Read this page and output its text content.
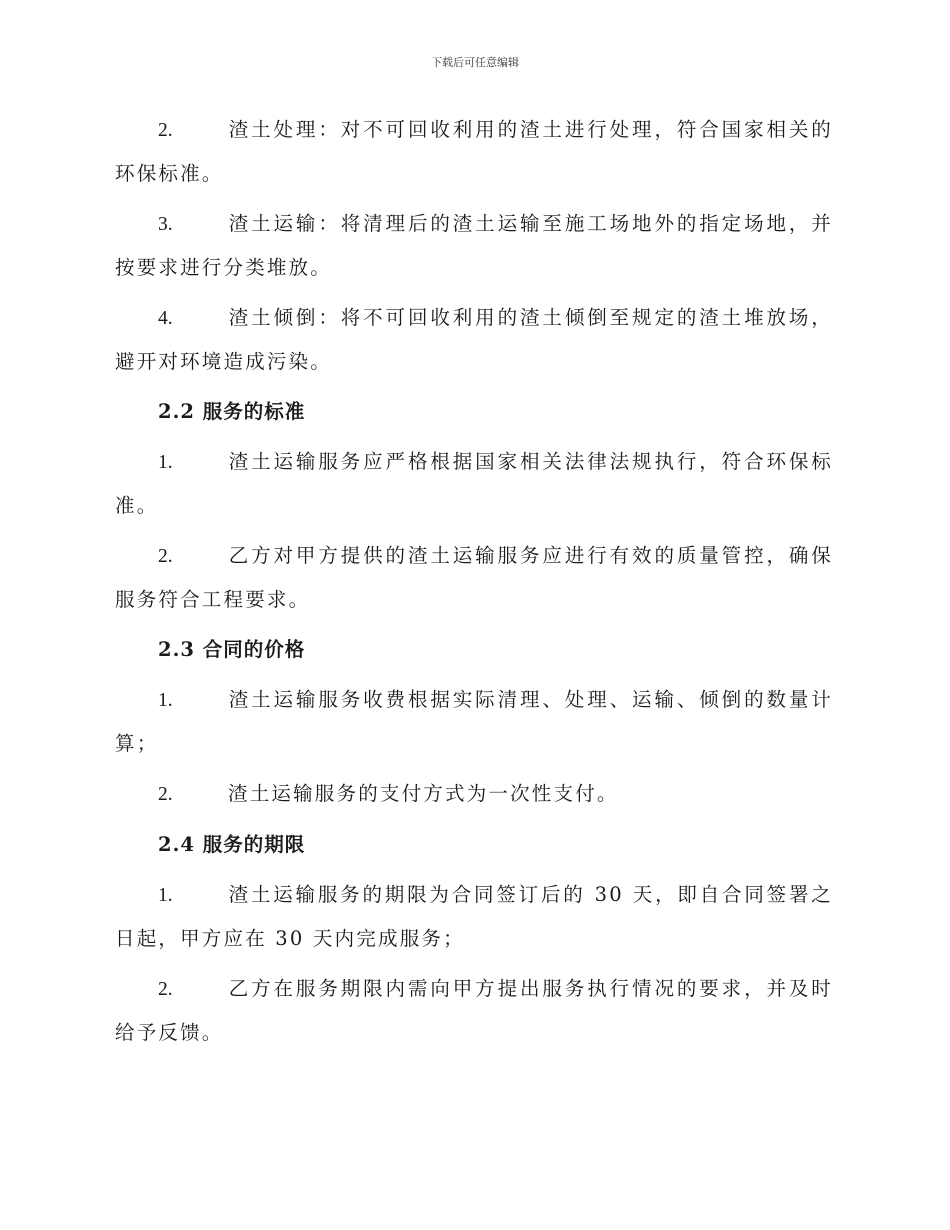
下载后可任意编辑

2.	渣土处理：对不可回收利用的渣土进行处理，符合国家相关的环保标准。

3.	渣土运输：将清理后的渣土运输至施工场地外的指定场地，并按要求进行分类堆放。

4.	渣土倾倒：将不可回收利用的渣土倾倒至规定的渣土堆放场，避开对环境造成污染。

2.2 服务的标准

1.	渣土运输服务应严格根据国家相关法律法规执行，符合环保标准。

2.	乙方对甲方提供的渣土运输服务应进行有效的质量管控，确保服务符合工程要求。

2.3 合同的价格

1.	渣土运输服务收费根据实际清理、处理、运输、倾倒的数量计算；

2.	渣土运输服务的支付方式为一次性支付。

2.4 服务的期限

1.	渣土运输服务的期限为合同签订后的 30 天，即自合同签署之日起，甲方应在 30 天内完成服务；

2.	乙方在服务期限内需向甲方提出服务执行情况的要求，并及时给予反馈。
